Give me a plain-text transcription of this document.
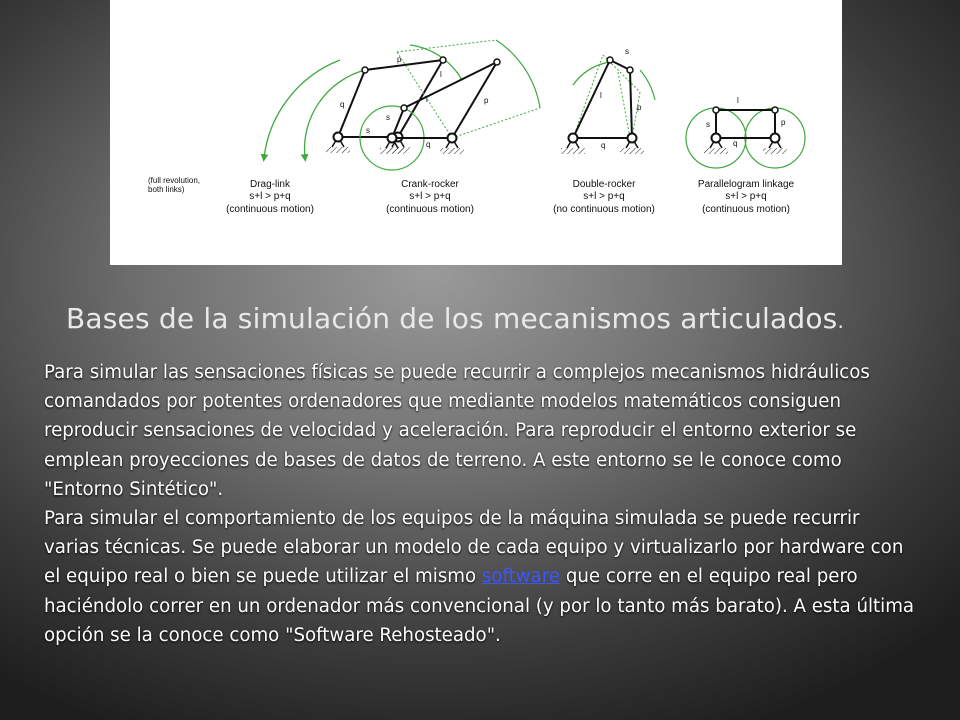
p
q
s
(full revolution,
both links)	Drag-link
s+l > p+q
(continuous motion)
l
p
s
q
Crank-rocker
s+l > p+q
(continuous motion)
s
l
p
q
Double-rocker
s+l > p+q
(no continuous motion)
l
s	p
q
Parallelogram linkage
s+l > p+q
(continuous motion)
Bases de la simulación de los mecanismos articulados.

Para simular las sensaciones físicas se puede recurrir a complejos mecanismos hidráulicos comandados por potentes ordenadores que mediante modelos matemáticos consiguen reproducir sensaciones de velocidad y aceleración. Para reproducir el entorno exterior se emplean proyecciones de bases de datos de terreno. A este entorno se le conoce como "Entorno Sintético".

Para simular el comportamiento de los equipos de la máquina simulada se puede recurrir varias técnicas. Se puede elaborar un modelo de cada equipo y virtualizarlo por hardware con el equipo real o bien se puede utilizar el mismo software que corre en el equipo real pero haciéndolo correr en un ordenador más convencional (y por lo tanto más barato). A esta última opción se la conoce como "Software Rehosteado".
